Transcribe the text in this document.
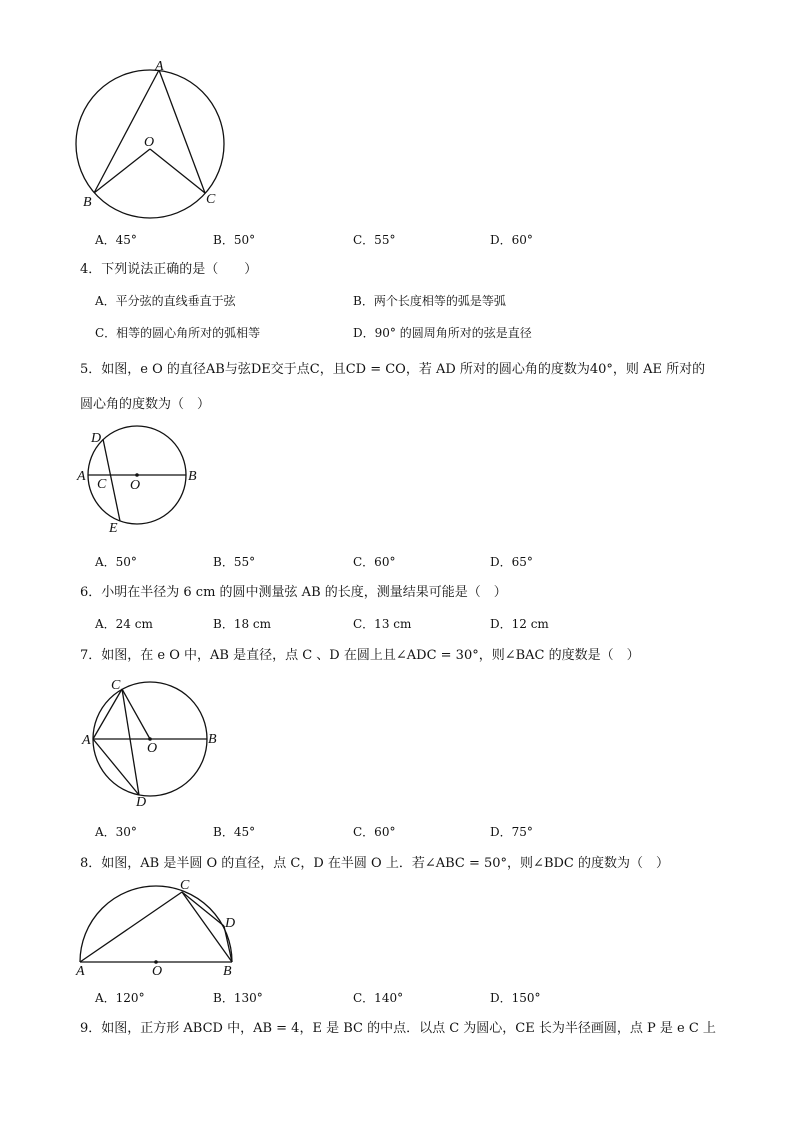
A
O
B	C
A．45°	B．50°	C．55°	D．60°
4．下列说法正确的是（　　）
A．平分弦的直线垂直于弦	B．两个长度相等的弧是等弧
C．相等的圆心角所对的弧相等	D．90° 的圆周角所对的弦是直径
5．如图，e O 的直径AB与弦DE交于点C，且CD = CO，若 AD 所对的圆心角的度数为40°，则 AE 所对的
圆心角的度数为（　）
D
A
C O
B
E
A．50°	B．55°	C．60°	D．65°
6．小明在半径为 6 cm 的圆中测量弦 AB 的长度，测量结果可能是（　）
A．24 cm	B．18 cm	C．13 cm	D．12 cm
7．如图，在 e O 中，AB 是直径，点 C 、D 在圆上且∠ADC = 30°，则∠BAC 的度数是（　）
C
A
O
B
D
A．30°	B．45°	C．60°	D．75°
8．如图，AB 是半圆 O 的直径，点 C，D 在半圆 O 上．若∠ABC = 50°，则∠BDC 的度数为（　）
C
D
A	O	B
A．120°	B．130°	C．140°	D．150°
9．如图，正方形 ABCD 中，AB = 4，E 是 BC 的中点．以点 C 为圆心，CE 长为半径画圆，点 P 是 e C 上
